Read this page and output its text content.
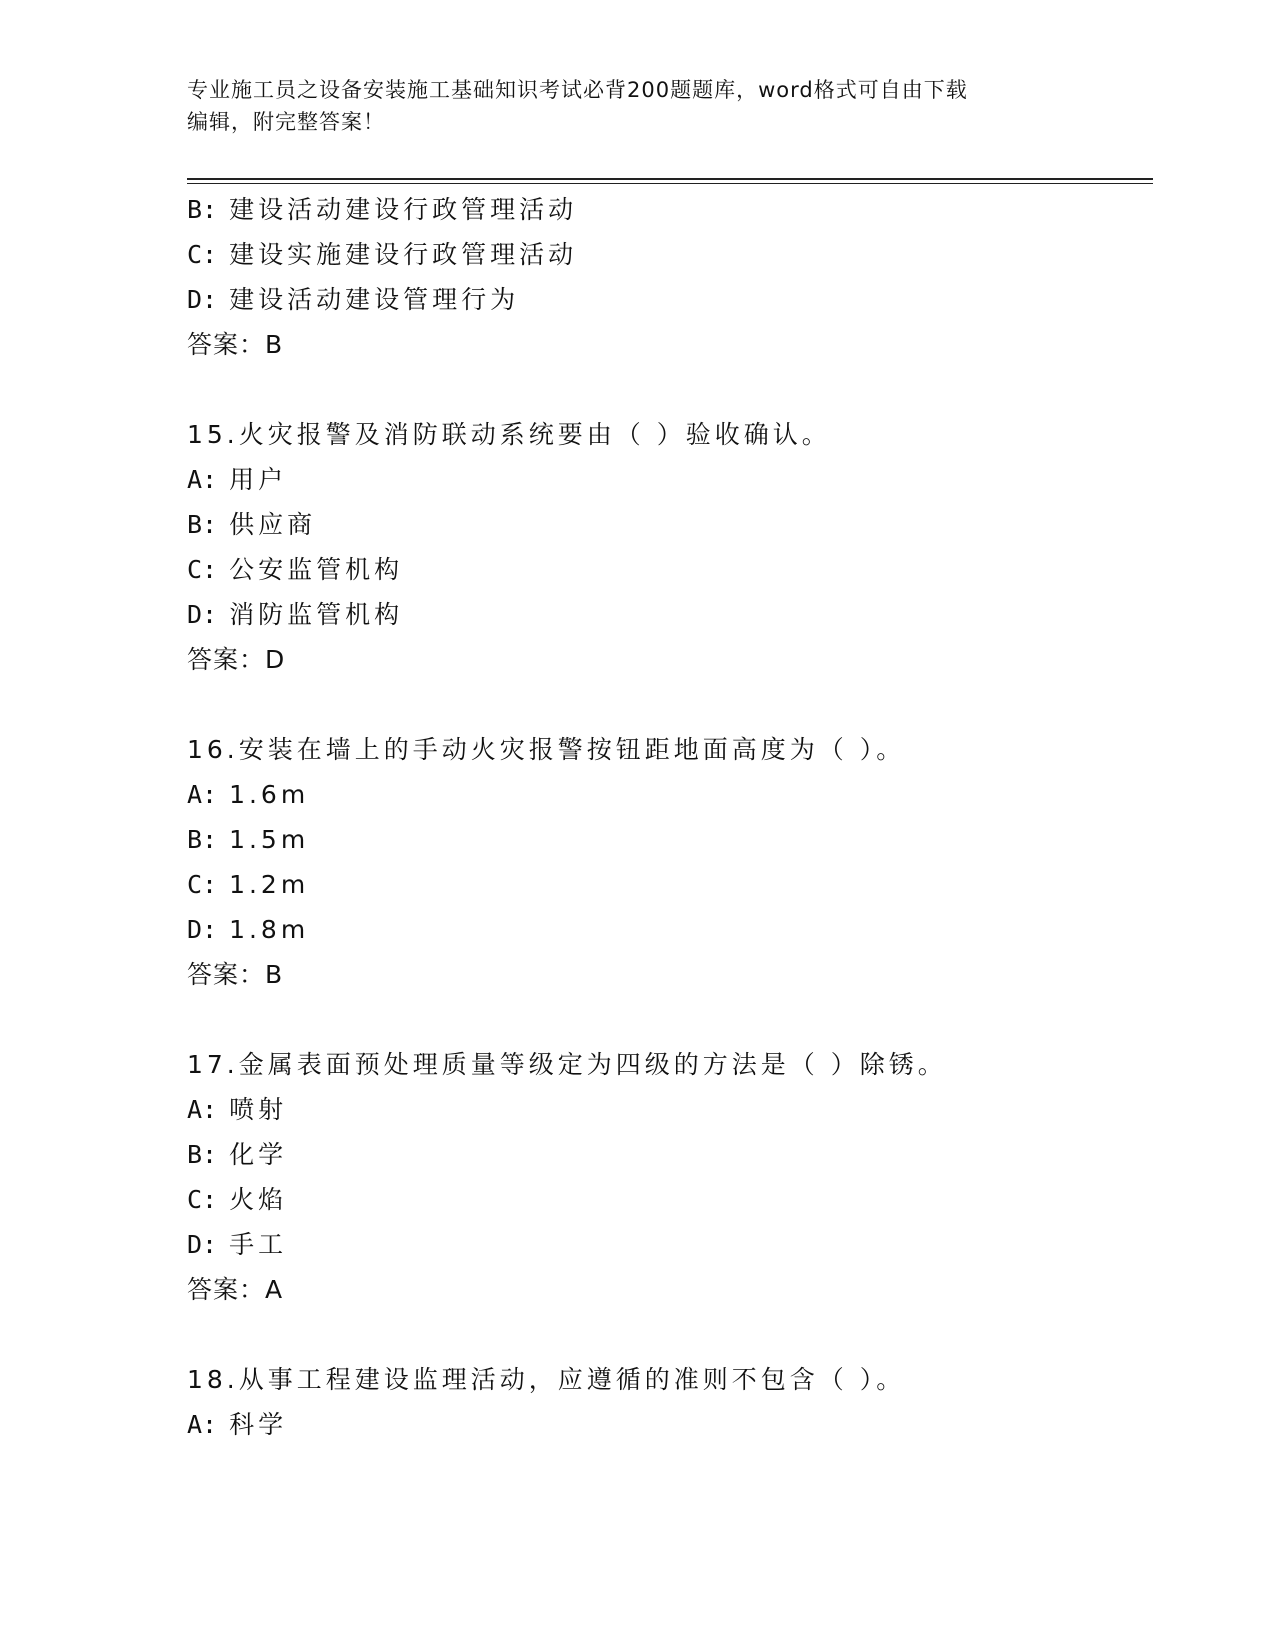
专业施工员之设备安装施工基础知识考试必背200题题库，word格式可自由下载
编辑，附完整答案！
B: 建设活动建设行政管理活动
C: 建设实施建设行政管理活动
D: 建设活动建设管理行为
答案：B
15.火灾报警及消防联动系统要由（ ）验收确认。
A: 用户
B: 供应商
C: 公安监管机构
D: 消防监管机构
答案：D
16.安装在墙上的手动火灾报警按钮距地面高度为（ ）。
A: 1.6m
B: 1.5m
C: 1.2m
D: 1.8m
答案：B
17.金属表面预处理质量等级定为四级的方法是（ ）除锈。
A: 喷射
B: 化学
C: 火焰
D: 手工
答案：A
18.从事工程建设监理活动，应遵循的准则不包含（ ）。
A: 科学
